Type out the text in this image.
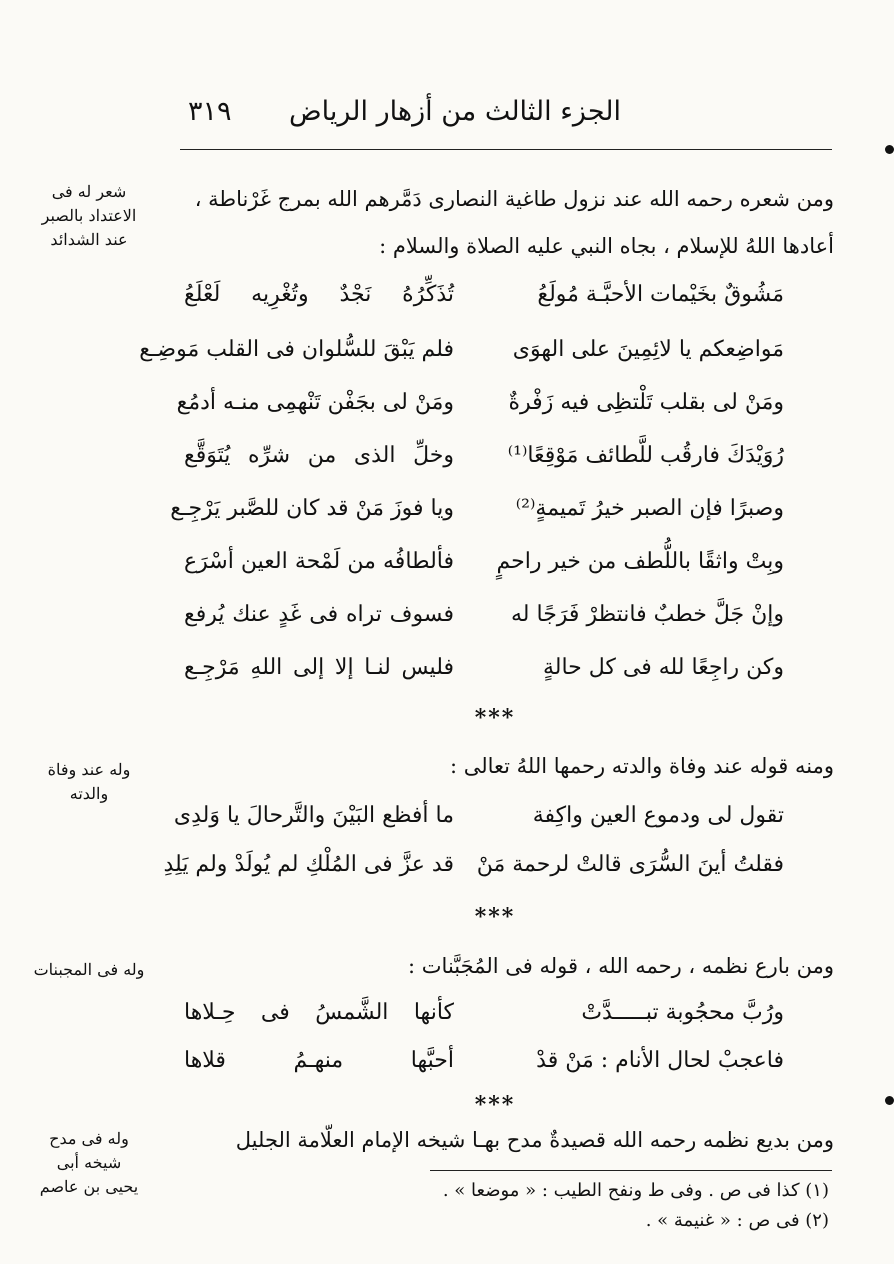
الجزء الثالث من أزهار الرياض
٣١٩
شعر له فى
الاعتداد بالصبر
عند الشدائد
ومن شعره رحمه الله عند نزول طاغية النصارى دَمَّرهم الله بمرج غَرْناطة ،
أعادها اللهُ للإسلام ، بجاه النبي عليه الصلاة والسلام :
مَشُوقٌ بخَيْمات الأحبَّـة مُولَعُ
تُذَكِّرُهُ نَجْدٌ وتُغْرِيه لَعْلَعُ
مَواضِعكم يا لائِمِينَ على الهوَى
فلم يَبْقَ للسُّلوان فى القلب مَوضِـع
ومَنْ لى بقلب تَلْتظِى فيه زَفْرةٌ
ومَنْ لى بجَفْن تَنْهمِى منـه أدمُع
رُوَيْدَكَ فارقُب للَّطائف مَوْقِعًا⁽¹⁾
وخلِّ الذى من شرِّه يُتَوَقَّع
وصبرًا فإن الصبر خيرُ تَميمةٍ⁽²⁾
ويا فوزَ مَنْ قد كان للصَّبر يَرْجِـع
وبِتْ واثقًا باللُّطف من خير راحمٍ
فألطافُه من لَمْحة العين أسْرَع
وإنْ جَلَّ خطبٌ فانتظرْ فَرَجًا له
فسوف تراه فى غَدٍ عنك يُرفع
وكن راجِعًا لله فى كل حالةٍ
فليس لنـا إلا إلى اللهِ مَرْجِـع
***
وله عند وفاة
والدته
ومنه قوله عند وفاة والدته رحمها اللهُ تعالى :
تقول لى ودموع العين واكِفة
ما أفظع البَيْنَ والتَّرحالَ يا وَلدِى
فقلتُ أينَ السُّرَى قالتْ لرحمة مَنْ
قد عزَّ فى المُلْكِ لم يُولَدْ ولم يَلِدِ
***
وله فى المجبنات	ومن بارع نظمه ، رحمه الله ، قوله فى المُجَبَّنات :
ورُبَّ محجُوبة تبـــــدَّتْ
كأنها الشَّمسُ فى حِـلاها
فاعجبْ لحال الأنام : مَنْ قدْ
أحبَّها منهـمُ قلاها
***
وله فى مدح
شيخه أبى
يحيى بن عاصم
ومن بديع نظمه رحمه الله قصيدةٌ مدح بهـا شيخه الإمام العلّامة الجليل
(١) كذا فى ص . وفى ط ونفح الطيب : « موضعا » .
(٢) فى ص : « غنيمة » .
